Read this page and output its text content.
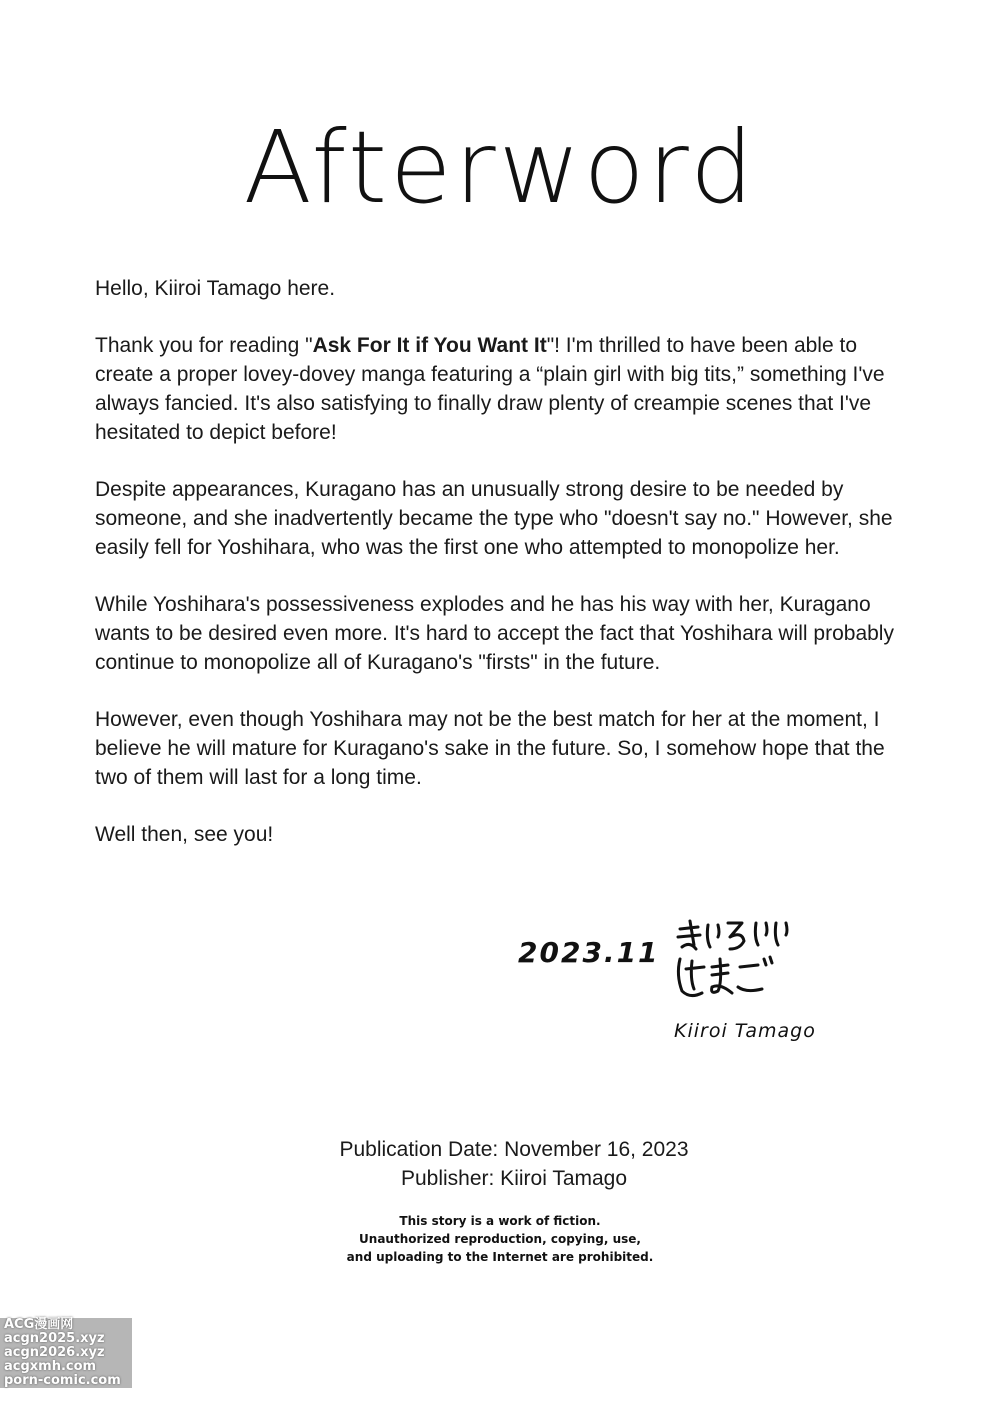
Afterword

Hello, Kiiroi Tamago here.

Thank you for reading "Ask For It if You Want It"! I'm thrilled to have been able to create a proper lovey-dovey manga featuring a “plain girl with big tits,” something I've always fancied. It's also satisfying to finally draw plenty of creampie scenes that I've hesitated to depict before!

Despite appearances, Kuragano has an unusually strong desire to be needed by someone, and she inadvertently became the type who "doesn't say no." However, she easily fell for Yoshihara, who was the first one who attempted to monopolize her.

While Yoshihara's possessiveness explodes and he has his way with her, Kuragano wants to be desired even more. It's hard to accept the fact that Yoshihara will probably continue to monopolize all of Kuragano's "firsts" in the future.

However, even though Yoshihara may not be the best match for her at the moment, I believe he will mature for Kuragano's sake in the future. So, I somehow hope that the two of them will last for a long time.

Well then, see you!

2023.11
Kiiroi Tamago
Publication Date: November 16, 2023
Publisher: Kiiroi Tamago
This story is a work of fiction.
Unauthorized reproduction, copying, use,
and uploading to the Internet are prohibited.
ACG漫画网
acgn2025.xyz
acgn2026.xyz
acgxmh.com
porn-comic.com
